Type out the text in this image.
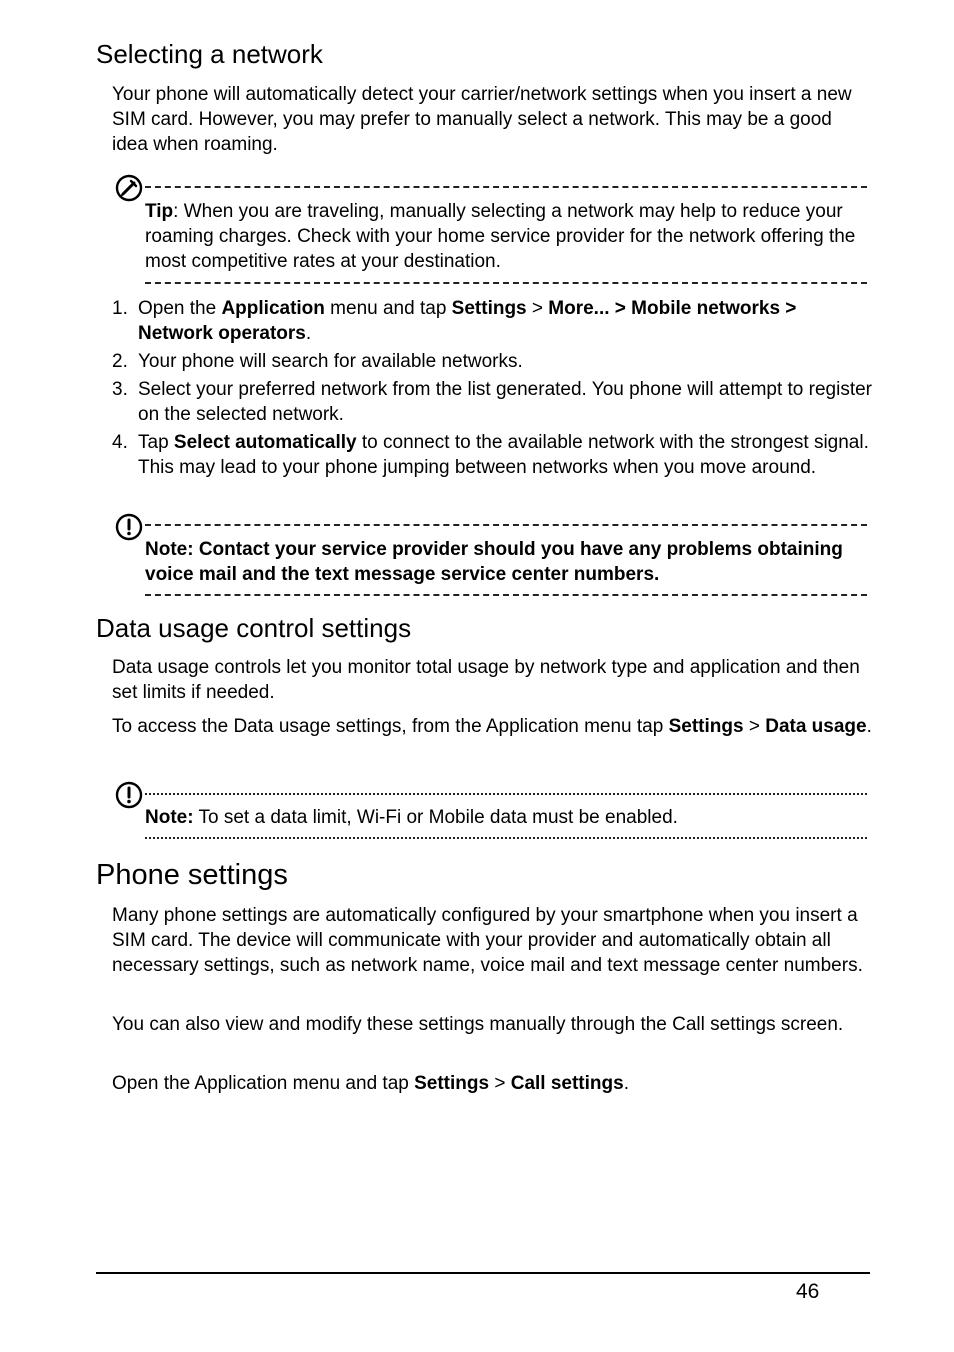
Selecting a network

Your phone will automatically detect your carrier/network settings when you insert a new SIM card. However, you may prefer to manually select a network. This may be a good idea when roaming.

Tip: When you are traveling, manually selecting a network may help to reduce your roaming charges. Check with your home service provider for the network offering the most competitive rates at your destination.

1. Open the Application menu and tap Settings > More... > Mobile networks > Network operators.
2. Your phone will search for available networks.
3. Select your preferred network from the list generated. You phone will attempt to register on the selected network.
4. Tap Select automatically to connect to the available network with the strongest signal. This may lead to your phone jumping between networks when you move around.

Note: Contact your service provider should you have any problems obtaining voice mail and the text message service center numbers.

Data usage control settings

Data usage controls let you monitor total usage by network type and application and then set limits if needed.

To access the Data usage settings, from the Application menu tap Settings > Data usage.

Note: To set a data limit, Wi-Fi or Mobile data must be enabled.

Phone settings

Many phone settings are automatically configured by your smartphone when you insert a SIM card. The device will communicate with your provider and automatically obtain all necessary settings, such as network name, voice mail and text message center numbers.

You can also view and modify these settings manually through the Call settings screen.

Open the Application menu and tap Settings > Call settings.

46
